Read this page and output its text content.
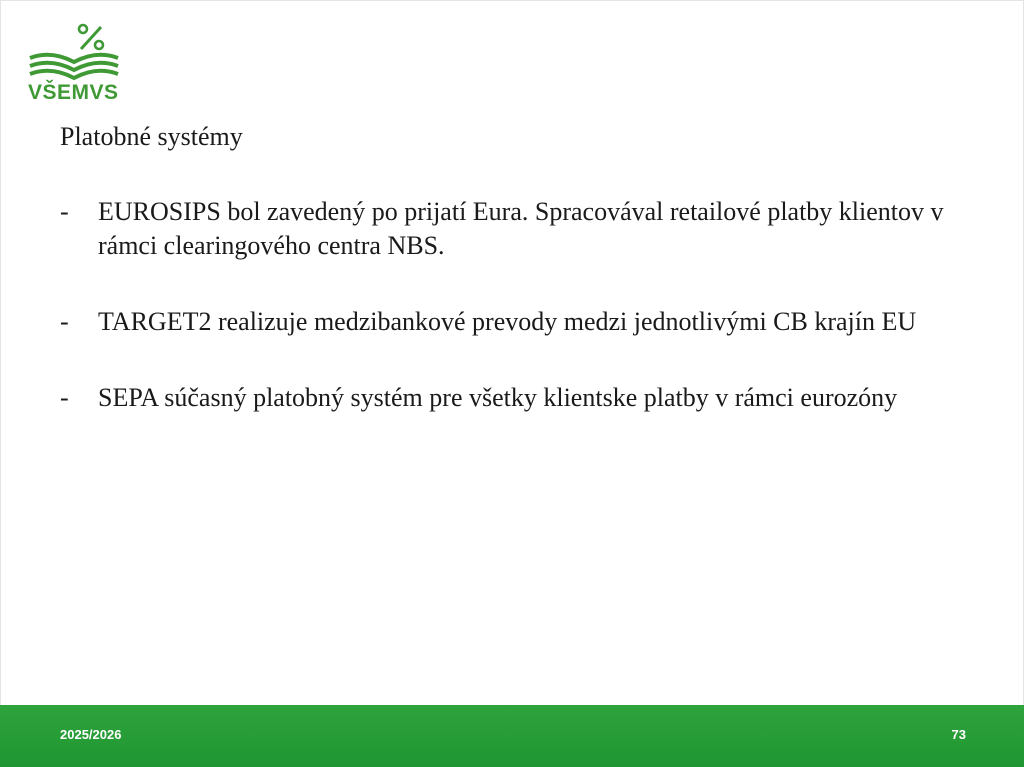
VŠEMVS
Platobné systémy
- EUROSIPS bol zavedený po prijatí Eura. Spracovával retailové platby klientov v rámci clearingového centra NBS.
- TARGET2 realizuje medzibankové prevody medzi jednotlivými CB krajín EU
- SEPA súčasný platobný systém pre všetky klientske platby v rámci eurozóny
2025/2026	73
